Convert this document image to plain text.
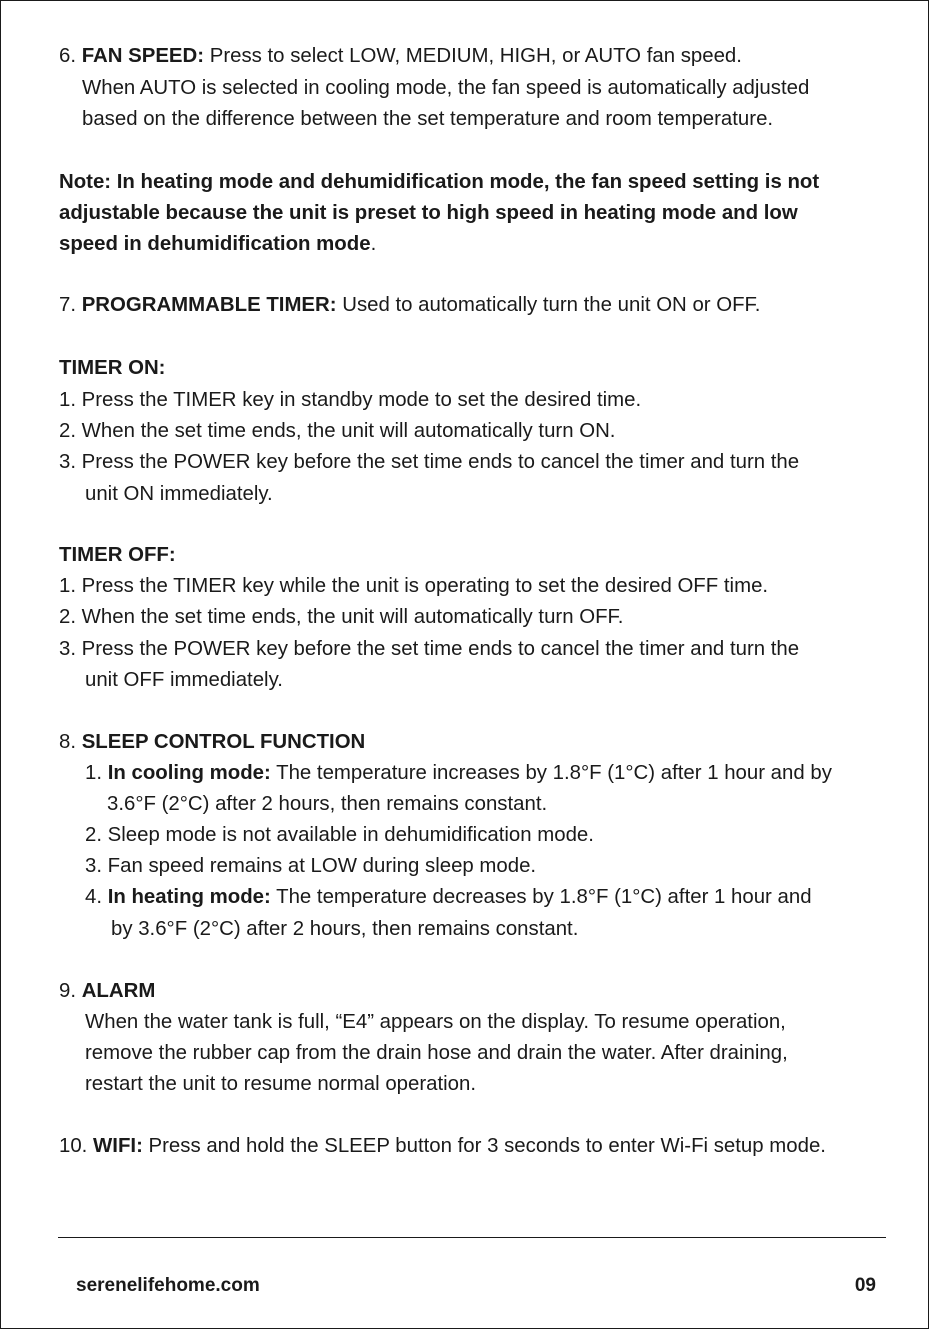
6. FAN SPEED: Press to select LOW, MEDIUM, HIGH, or AUTO fan speed.
When AUTO is selected in cooling mode, the fan speed is automatically adjusted
based on the difference between the set temperature and room temperature.
Note: In heating mode and dehumidification mode, the fan speed setting is not
adjustable because the unit is preset to high speed in heating mode and low
speed in dehumidification mode.
7. PROGRAMMABLE TIMER: Used to automatically turn the unit ON or OFF.
TIMER ON:
1. Press the TIMER key in standby mode to set the desired time.
2. When the set time ends, the unit will automatically turn ON.
3. Press the POWER key before the set time ends to cancel the timer and turn the
unit ON immediately.
TIMER OFF:
1. Press the TIMER key while the unit is operating to set the desired OFF time.
2. When the set time ends, the unit will automatically turn OFF.
3. Press the POWER key before the set time ends to cancel the timer and turn the
unit OFF immediately.
8. SLEEP CONTROL FUNCTION
1. In cooling mode: The temperature increases by 1.8°F (1°C) after 1 hour and by
3.6°F (2°C) after 2 hours, then remains constant.
2. Sleep mode is not available in dehumidification mode.
3. Fan speed remains at LOW during sleep mode.
4. In heating mode: The temperature decreases by 1.8°F (1°C) after 1 hour and
by 3.6°F (2°C) after 2 hours, then remains constant.
9. ALARM
When the water tank is full, “E4” appears on the display. To resume operation,
remove the rubber cap from the drain hose and drain the water. After draining,
restart the unit to resume normal operation.
10. WIFI: Press and hold the SLEEP button for 3 seconds to enter Wi-Fi setup mode.
serenelifehome.com	09
